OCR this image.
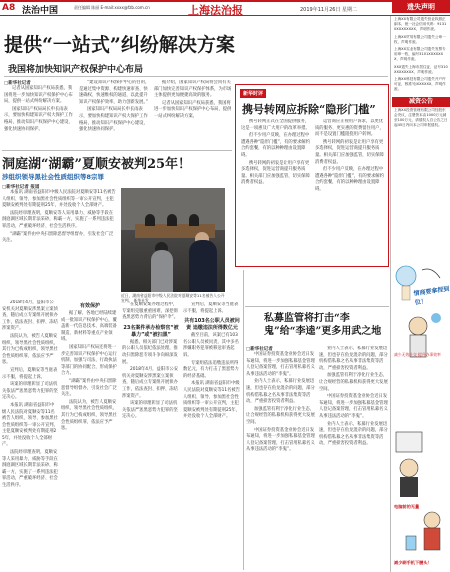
A8 法治中国	责任编辑 陈丽 E-mail:xxxx@fzb.com.cn	上海法治报	2019年11月26日 星期二
提供“一站式”纠纷解决方案
我国将加快知识产权保护中心布局
□新华社记者

记者从国家知识产权局获悉，我国将进一步加快知识产权保护中心布局，提供一站式纠纷解决方案。

国家知识产权局局长申长雨表示，要加快构建知识产权大保护工作格局，推动知识产权保护中心建设，强化快速协同保护。

“建设知识产权保护中心的目的，是通过集中资源、构建快速审查、快速确权、快速维权的通道，以此提升知识产权保护效率，助力创新发展。”

国家知识产权局局长申长雨表示，要加快构建知识产权大保护工作格局，推动知识产权保护中心建设，强化快速协同保护。

据介绍，国家知识产权局将会同有关部门加快完善知识产权保护体系，为市场主体提供更加便捷高效的服务。

记者从国家知识产权局获悉，我国将进一步加快知识产权保护中心布局，提供一站式纠纷解决方案。

新华时评
携号转网应拆除“隐形门槛”

携号转网正式在全国提供服务，这是一项惠及广大用户的改革举措。

但不少用户反映，在办理过程中遭遇各种“隐形门槛”，有的要求解约合约套餐，有的以种种理由设置障碍。

携号转网的初衷是让用户享有更多选择权，促进运营商提升服务质量。相关部门应加强监管，切实保障消费者权益。

运营商应正视用户诉求，以更优质的服务、更实惠的资费留住用户，而不是设置门槛阻挠用户转网。

携号转网的初衷是让用户享有更多选择权，促进运营商提升服务质量。相关部门应加强监管，切实保障消费者权益。

但不少用户反映，在办理过程中遭遇各种“隐形门槛”，有的要求解约合约套餐，有的以种种理由设置障碍。

洞庭湖“湖霸”夏顺安被判25年！
涉组织领导黑社会性质组织等8宗罪
□新华社记者 报道

本报讯 湖南省益阳市中级人民法院对夏顺安等11名被告人组织、领导、参加黑社会性质组织等一审公开宣判，主犯夏顺安被判处有期徒刑25年，并处没收个人全部财产。

法院经审理查明，夏顺安等人采用暴力、威胁等手段在洞庭湖区域长期非法采砂，称霸一方，实施了一系列违法犯罪活动，严重破坏经济、社会生活秩序。

“湖霸”案件由中央扫黑除恶督导组督办，引发社会广泛关注。

近日，湖南省益阳市中级人民法院对夏顺安等11名被告人公开宣判。 新华社发

2018年4月，益阳市公安机关对夏顺安涉黑案立案侦查，随后成立专案组开展侦办工作，依法查封、扣押、冻结涉案资产。

法院认为，被告人夏顺安组织、领导黑社会性质组织，其行为已构成组织、领导黑社会性质组织罪，依法应予严惩。

宣判后，夏顺安等当庭表示不服，将提起上诉。

该案的审理彰显了司法机关依法严惩黑恶势力犯罪的坚定决心。

本报讯 湖南省益阳市中级人民法院对夏顺安等11名被告人组织、领导、参加黑社会性质组织等一审公开宣判，主犯夏顺安被判处有期徒刑25年，并处没收个人全部财产。

法院经审理查明，夏顺安等人采用暴力、威胁等手段在洞庭湖区域长期非法采砂，称霸一方，实施了一系列违法犯罪活动，严重破坏经济、社会生活秩序。

有效保护

据了解，各地已经陆续建成一批知识产权保护中心，覆盖新一代信息技术、高端装备制造、新材料等重点产业领域。

国家知识产权局还将进一步完善知识产权保护中心运行机制，加强与司法、行政执法等部门的协同配合，形成保护合力。

“湖霸”案件由中央扫黑除恶督导组督办，引发社会广泛关注。

法院认为，被告人夏顺安组织、领导黑社会性质组织，其行为已构成组织、领导黑社会性质组织罪，依法应予严惩。

在夏顺安案办理过程中，专案组克服重重困难，深挖彻查黑恶势力背后的“保护伞”。

23名案件承办检察官“被暴力”或“被扫黑”

据悉，相关部门已对涉案的公职人员依纪依法处理，推动扫黑除恶专项斗争向纵深发展。

2018年4月，益阳市公安机关对夏顺安涉黑案立案侦查，随后成立专案组开展侦办工作，依法查封、扣押、冻结涉案资产。

该案的审理彰显了司法机关依法严惩黑恶势力犯罪的坚定决心。

宣判后，夏顺安等当庭表示不服，将提起上诉。

共有103名公职人员被问责 追缴违法所得数亿元

截至目前，该案已有103名公职人员被问责，其中多名涉嫌职务犯罪被移送审查起诉。

专案组依法追缴违法所得数亿元，有力打击了黑恶势力的经济基础。

本报讯 湖南省益阳市中级人民法院对夏顺安等11名被告人组织、领导、参加黑社会性质组织等一审公开宣判，主犯夏顺安被判处有期徒刑25年，并处没收个人全部财产。

私募监管将打击“李鬼”给“李逵”更多用武之地
□新华社记者

中国证券投资基金业协会近日发布通知，将进一步加强私募基金管理人登记备案管理，打击冒用私募名义从事违法活动的“李鬼”。

业内人士表示，私募行业发展迅速，但也存在鱼龙混杂的问题，部分机构借私募之名从事非法集资等活动，严重损害投资者利益。

加强监管有利于净化行业生态，让合规经营的私募机构获得更大发展空间。

中国证券投资基金业协会近日发布通知，将进一步加强私募基金管理人登记备案管理，打击冒用私募名义从事违法活动的“李鬼”。

业内人士表示，私募行业发展迅速，但也存在鱼龙混杂的问题，部分机构借私募之名从事非法集资等活动，严重损害投资者利益。

加强监管有利于净化行业生态，让合规经营的私募机构获得更大发展空间。

中国证券投资基金业协会近日发布通知，将进一步加强私募基金管理人登记备案管理，打击冒用私募名义从事违法活动的“李鬼”。

业内人士表示，私募行业发展迅速，但也存在鱼龙混杂的问题，部分机构借私募之名从事非法集资等活动，严重损害投资者利益。

遗失声明
上海XX有限公司遗失营业执照正副本，统一社会信用代码：91310XXXXXXXX，声明作废。
上海XX贸易有限公司遗失公章一枚，声明作废。
上海XX实业有限公司遗失发票专用章一枚，编号3101XXXXXXX，声明作废。
XXX遗失上海市居住证，证号310XXXXXXXX，声明作废。
上海XX科技有限公司遗失开户许可证，核准号JXXXXXX，声明作废。
减资公告
上海XX投资管理有限公司经股东会决议，注册资本由1000万元减至100万元，请债权人自公告之日起45日内向本公司申报债权。
情商要拿捏到位！
减少无效社交 提升办事效率
电脑前的无量
减少刷手机下腰头！
